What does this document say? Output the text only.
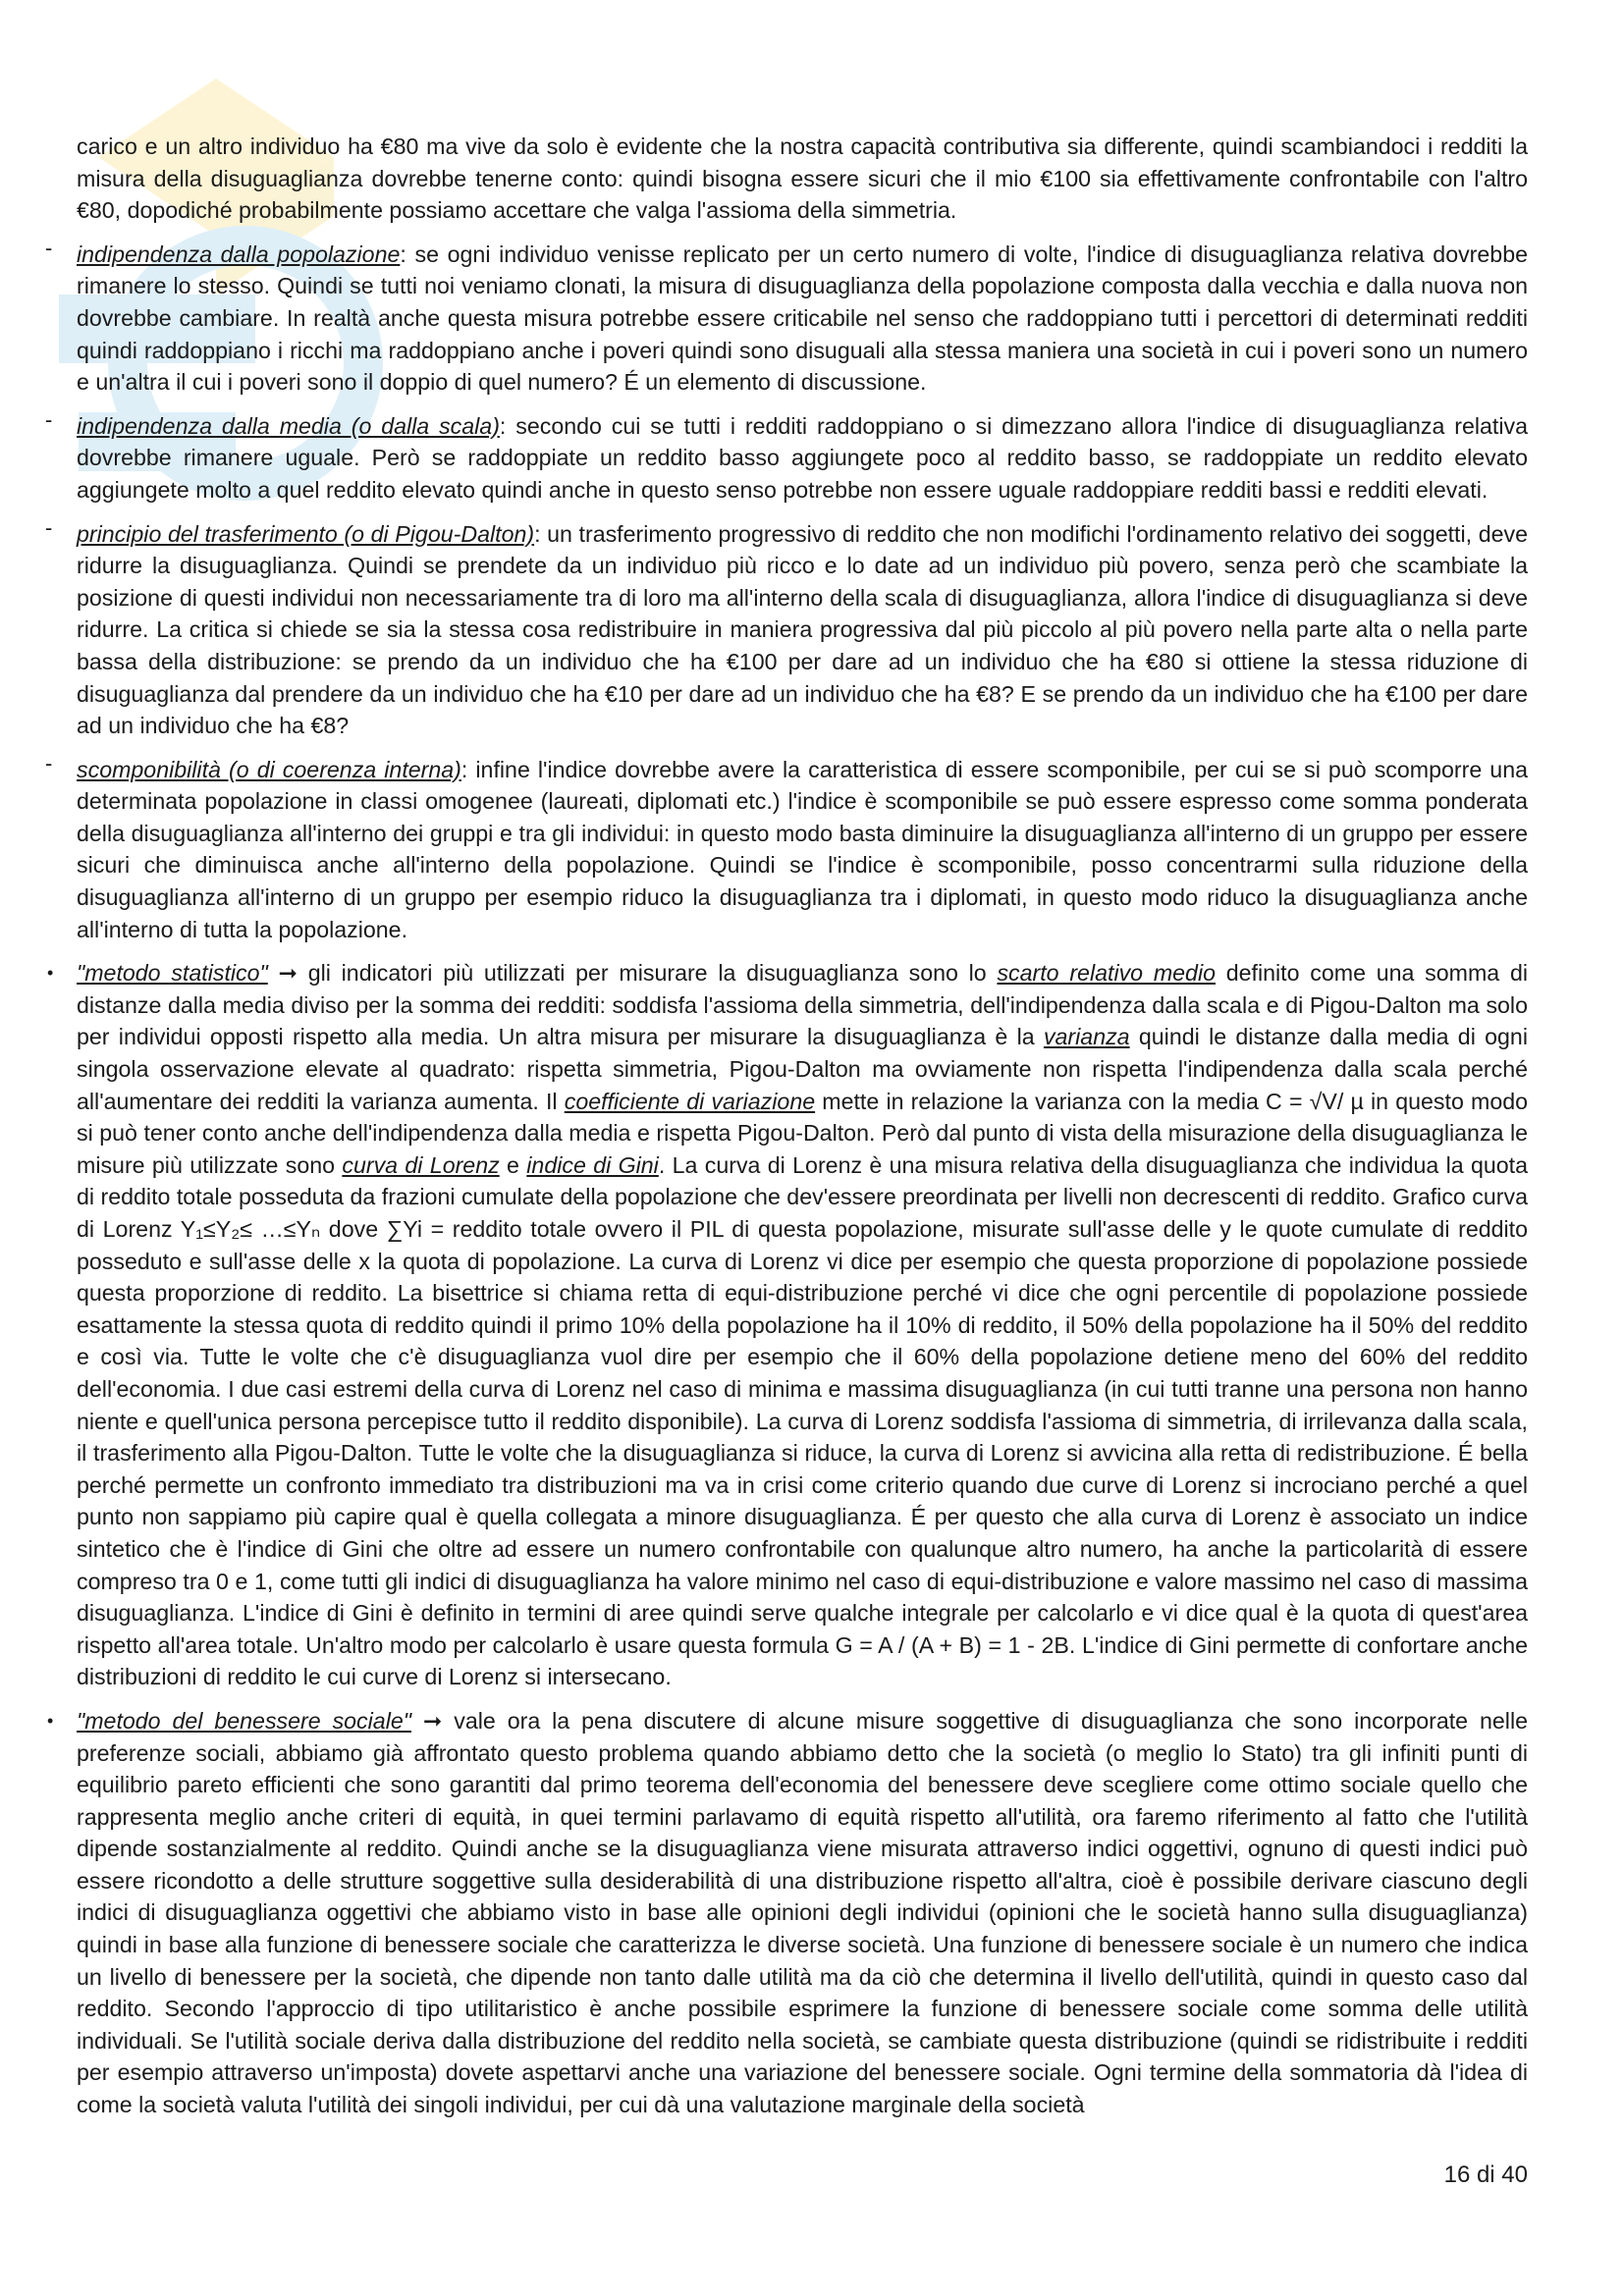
carico e un altro individuo ha €80 ma vive da solo è evidente che la nostra capacità contributiva sia differente, quindi scambiandoci i redditi la misura della disuguaglianza dovrebbe tenerne conto: quindi bisogna essere sicuri che il mio €100 sia effettivamente confrontabile con l'altro €80, dopodiché probabilmente possiamo accettare che valga l'assioma della simmetria.

- indipendenza dalla popolazione: se ogni individuo venisse replicato per un certo numero di volte, l'indice di disuguaglianza relativa dovrebbe rimanere lo stesso. Quindi se tutti noi veniamo clonati, la misura di disuguaglianza della popolazione composta dalla vecchia e dalla nuova non dovrebbe cambiare. In realtà anche questa misura potrebbe essere criticabile nel senso che raddoppiano tutti i percettori di determinati redditi quindi raddoppiano i ricchi ma raddoppiano anche i poveri quindi sono disuguali alla stessa maniera una società in cui i poveri sono un numero e un'altra il cui i poveri sono il doppio di quel numero? É un elemento di discussione.

- indipendenza dalla media (o dalla scala): secondo cui se tutti i redditi raddoppiano o si dimezzano allora l'indice di disuguaglianza relativa dovrebbe rimanere uguale. Però se raddoppiate un reddito basso aggiungete poco al reddito basso, se raddoppiate un reddito elevato aggiungete molto a quel reddito elevato quindi anche in questo senso potrebbe non essere uguale raddoppiare redditi bassi e redditi elevati.

- principio del trasferimento (o di Pigou-Dalton): un trasferimento progressivo di reddito che non modifichi l'ordinamento relativo dei soggetti, deve ridurre la disuguaglianza. Quindi se prendete da un individuo più ricco e lo date ad un individuo più povero, senza però che scambiate la posizione di questi individui non necessariamente tra di loro ma all'interno della scala di disuguaglianza, allora l'indice di disuguaglianza si deve ridurre. La critica si chiede se sia la stessa cosa redistribuire in maniera progressiva dal più piccolo al più povero nella parte alta o nella parte bassa della distribuzione: se prendo da un individuo che ha €100 per dare ad un individuo che ha €80 si ottiene la stessa riduzione di disuguaglianza dal prendere da un individuo che ha €10 per dare ad un individuo che ha €8? E se prendo da un individuo che ha €100 per dare ad un individuo che ha €8?

- scomponibilità (o di coerenza interna): infine l'indice dovrebbe avere la caratteristica di essere scomponibile, per cui se si può scomporre una determinata popolazione in classi omogenee (laureati, diplomati etc.) l'indice è scomponibile se può essere espresso come somma ponderata della disuguaglianza all'interno dei gruppi e tra gli individui: in questo modo basta diminuire la disuguaglianza all'interno di un gruppo per essere sicuri che diminuisca anche all'interno della popolazione. Quindi se l'indice è scomponibile, posso concentrarmi sulla riduzione della disuguaglianza all'interno di un gruppo per esempio riduco la disuguaglianza tra i diplomati, in questo modo riduco la disuguaglianza anche all'interno di tutta la popolazione.

• "metodo statistico" ➞ gli indicatori più utilizzati per misurare la disuguaglianza sono lo scarto relativo medio definito come una somma di distanze dalla media diviso per la somma dei redditi: soddisfa l'assioma della simmetria, dell'indipendenza dalla scala e di Pigou-Dalton ma solo per individui opposti rispetto alla media. Un altra misura per misurare la disuguaglianza è la varianza quindi le distanze dalla media di ogni singola osservazione elevate al quadrato: rispetta simmetria, Pigou-Dalton ma ovviamente non rispetta l'indipendenza dalla scala perché all'aumentare dei redditi la varianza aumenta. Il coefficiente di variazione mette in relazione la varianza con la media C = √V/ µ in questo modo si può tener conto anche dell'indipendenza dalla media e rispetta Pigou-Dalton. Però dal punto di vista della misurazione della disuguaglianza le misure più utilizzate sono curva di Lorenz e indice di Gini. La curva di Lorenz è una misura relativa della disuguaglianza che individua la quota di reddito totale posseduta da frazioni cumulate della popolazione che dev'essere preordinata per livelli non decrescenti di reddito. Grafico curva di Lorenz Y₁≤Y₂≤ …≤Yₙ dove ∑Yi = reddito totale ovvero il PIL di questa popolazione, misurate sull'asse delle y le quote cumulate di reddito posseduto e sull'asse delle x la quota di popolazione. La curva di Lorenz vi dice per esempio che questa proporzione di popolazione possiede questa proporzione di reddito. La bisettrice si chiama retta di equi-distribuzione perché vi dice che ogni percentile di popolazione possiede esattamente la stessa quota di reddito quindi il primo 10% della popolazione ha il 10% di reddito, il 50% della popolazione ha il 50% del reddito e così via. Tutte le volte che c'è disuguaglianza vuol dire per esempio che il 60% della popolazione detiene meno del 60% del reddito dell'economia. I due casi estremi della curva di Lorenz nel caso di minima e massima disuguaglianza (in cui tutti tranne una persona non hanno niente e quell'unica persona percepisce tutto il reddito disponibile). La curva di Lorenz soddisfa l'assioma di simmetria, di irrilevanza dalla scala, il trasferimento alla Pigou-Dalton. Tutte le volte che la disuguaglianza si riduce, la curva di Lorenz si avvicina alla retta di redistribuzione. É bella perché permette un confronto immediato tra distribuzioni ma va in crisi come criterio quando due curve di Lorenz si incrociano perché a quel punto non sappiamo più capire qual è quella collegata a minore disuguaglianza. É per questo che alla curva di Lorenz è associato un indice sintetico che è l'indice di Gini che oltre ad essere un numero confrontabile con qualunque altro numero, ha anche la particolarità di essere compreso tra 0 e 1, come tutti gli indici di disuguaglianza ha valore minimo nel caso di equi-distribuzione e valore massimo nel caso di massima disuguaglianza. L'indice di Gini è definito in termini di aree quindi serve qualche integrale per calcolarlo e vi dice qual è la quota di quest'area rispetto all'area totale. Un'altro modo per calcolarlo è usare questa formula G = A / (A + B) = 1 - 2B. L'indice di Gini permette di confortare anche distribuzioni di reddito le cui curve di Lorenz si intersecano.

• "metodo del benessere sociale" ➞ vale ora la pena discutere di alcune misure soggettive di disuguaglianza che sono incorporate nelle preferenze sociali, abbiamo già affrontato questo problema quando abbiamo detto che la società (o meglio lo Stato) tra gli infiniti punti di equilibrio pareto efficienti che sono garantiti dal primo teorema dell'economia del benessere deve scegliere come ottimo sociale quello che rappresenta meglio anche criteri di equità, in quei termini parlavamo di equità rispetto all'utilità, ora faremo riferimento al fatto che l'utilità dipende sostanzialmente al reddito. Quindi anche se la disuguaglianza viene misurata attraverso indici oggettivi, ognuno di questi indici può essere ricondotto a delle strutture soggettive sulla desiderabilità di una distribuzione rispetto all'altra, cioè è possibile derivare ciascuno degli indici di disuguaglianza oggettivi che abbiamo visto in base alle opinioni degli individui (opinioni che le società hanno sulla disuguaglianza) quindi in base alla funzione di benessere sociale che caratterizza le diverse società. Una funzione di benessere sociale è un numero che indica un livello di benessere per la società, che dipende non tanto dalle utilità ma da ciò che determina il livello dell'utilità, quindi in questo caso dal reddito. Secondo l'approccio di tipo utilitaristico è anche possibile esprimere la funzione di benessere sociale come somma delle utilità individuali. Se l'utilità sociale deriva dalla distribuzione del reddito nella società, se cambiate questa distribuzione (quindi se ridistribuite i redditi per esempio attraverso un'imposta) dovete aspettarvi anche una variazione del benessere sociale. Ogni termine della sommatoria dà l'idea di come la società valuta l'utilità dei singoli individui, per cui dà una valutazione marginale della società

16 di 40
